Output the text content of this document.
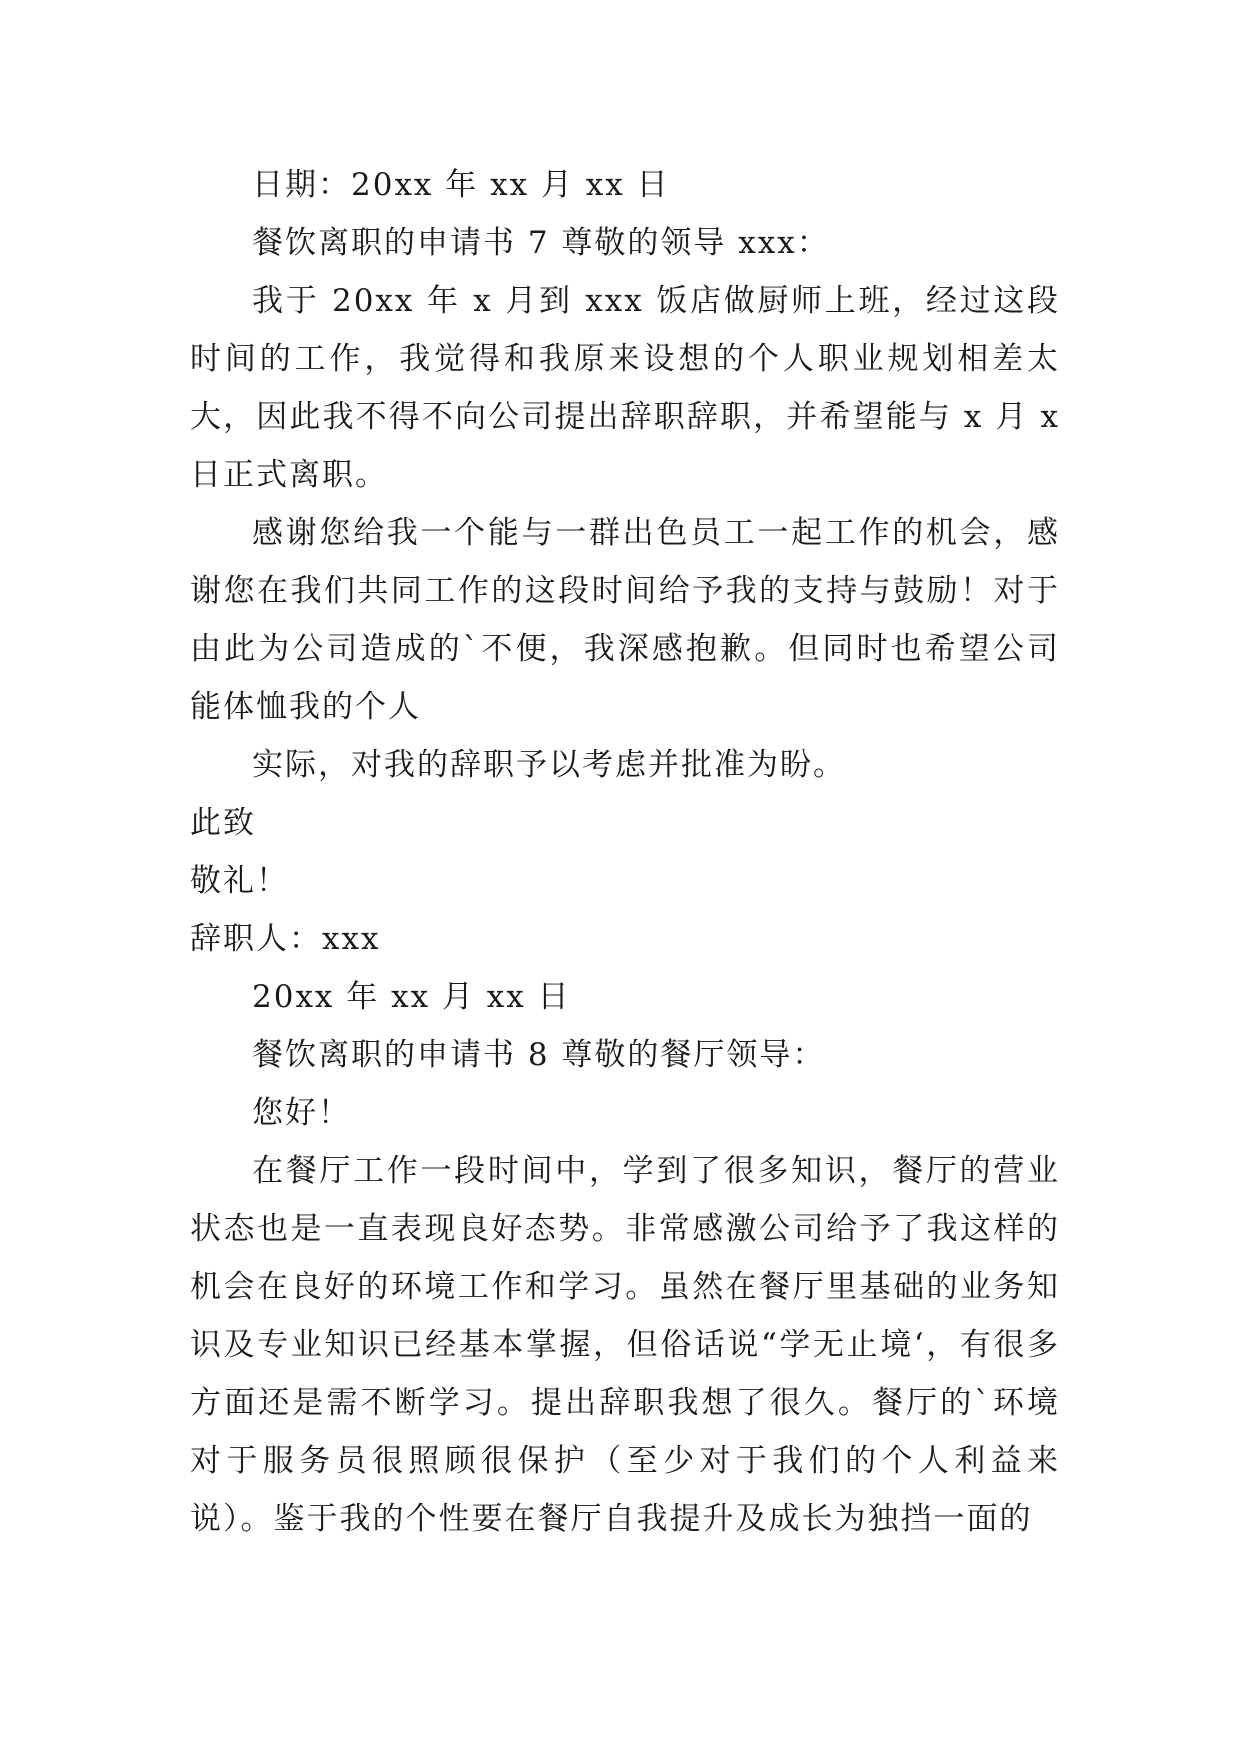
日期：20xx 年 xx 月 xx 日

餐饮离职的申请书 7 尊敬的领导 xxx：

我于 20xx 年 x 月到 xxx 饭店做厨师上班，经过这段时间的工作，我觉得和我原来设想的个人职业规划相差太大，因此我不得不向公司提出辞职辞职，并希望能与 x 月 x 日正式离职。

感谢您给我一个能与一群出色员工一起工作的机会，感谢您在我们共同工作的这段时间给予我的支持与鼓励！对于由此为公司造成的`不便，我深感抱歉。但同时也希望公司能体恤我的个人

实际，对我的辞职予以考虑并批准为盼。

此致

敬礼！

辞职人：xxx

20xx 年 xx 月 xx 日

餐饮离职的申请书 8 尊敬的餐厅领导：

您好！

在餐厅工作一段时间中，学到了很多知识，餐厅的营业状态也是一直表现良好态势。非常感激公司给予了我这样的机会在良好的环境工作和学习。虽然在餐厅里基础的业务知识及专业知识已经基本掌握，但俗话说“学无止境‘，有很多方面还是需不断学习。提出辞职我想了很久。餐厅的`环境对于服务员很照顾很保护（至少对于我们的个人利益来说）。鉴于我的个性要在餐厅自我提升及成长为独挡一面的
